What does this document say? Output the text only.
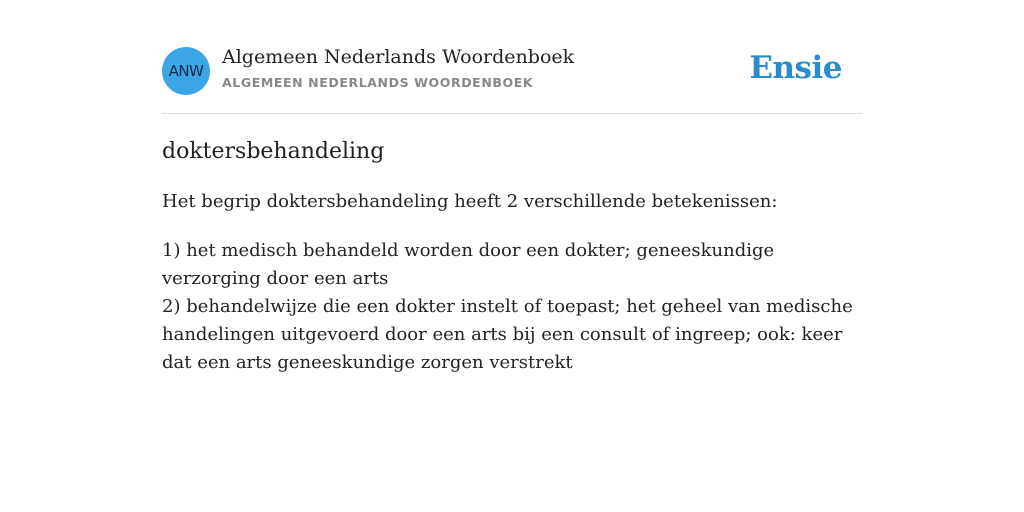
ANW
Algemeen Nederlands Woordenboek
ALGEMEEN NEDERLANDS WOORDENBOEK	Ensie
doktersbehandeling

Het begrip doktersbehandeling heeft 2 verschillende betekenissen:

1) het medisch behandeld worden door een dokter; geneeskundige verzorging door een arts
2) behandelwijze die een dokter instelt of toepast; het geheel van medische handelingen uitgevoerd door een arts bij een consult of ingreep; ook: keer dat een arts geneeskundige zorgen verstrekt
